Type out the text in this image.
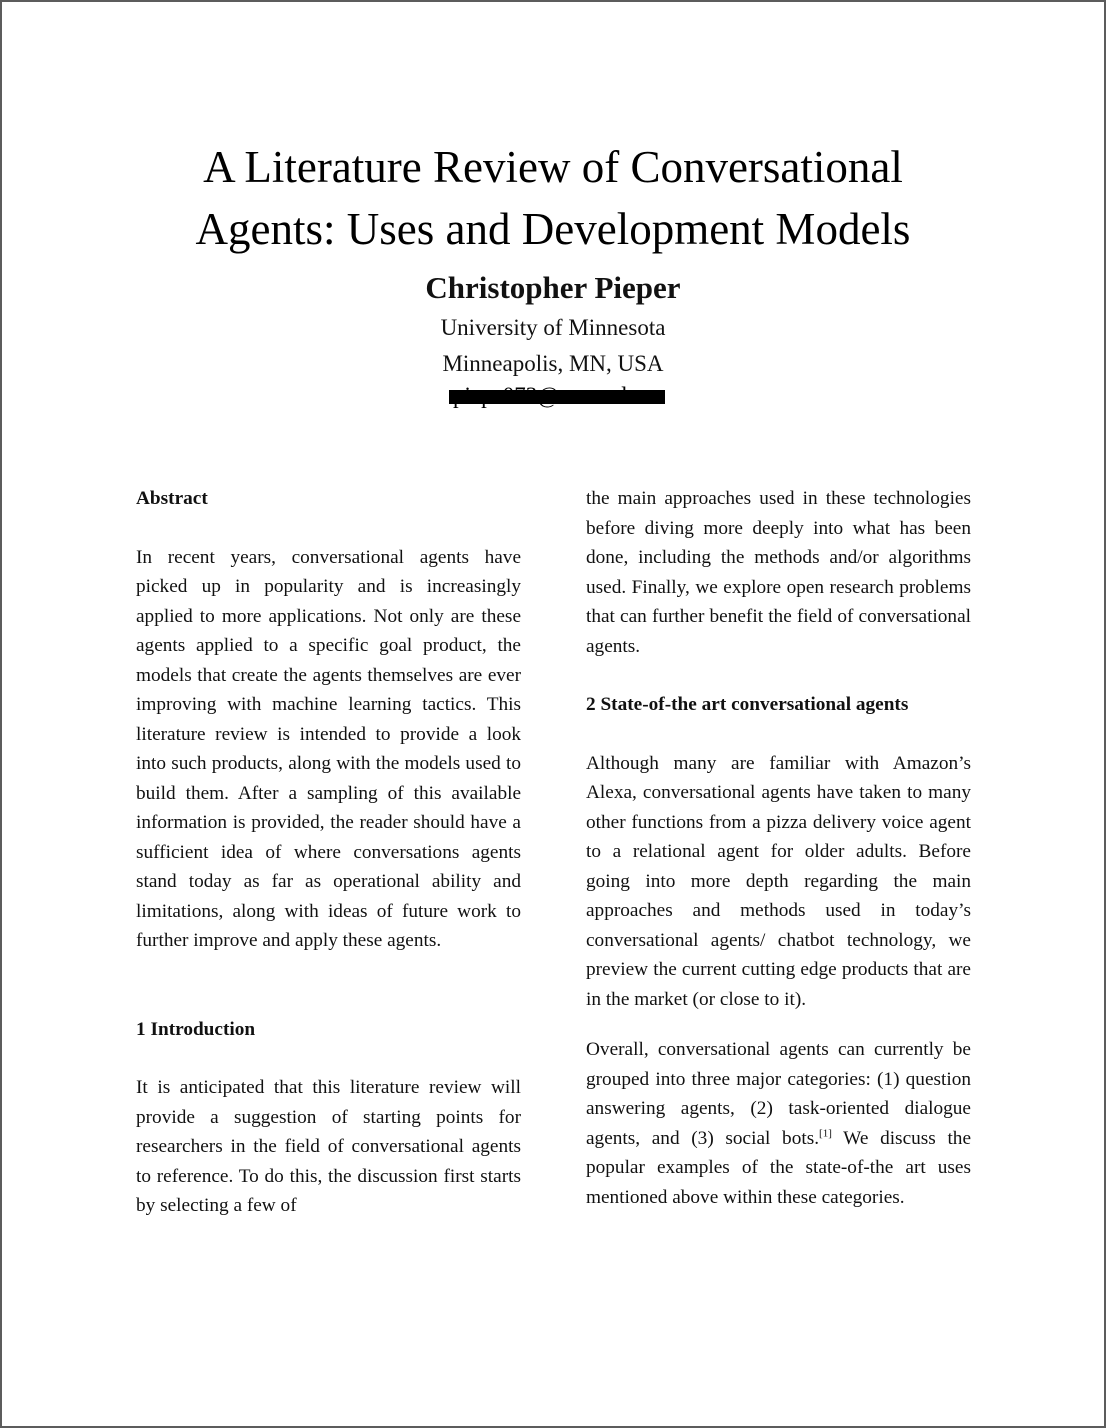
A Literature Review of Conversational
Agents: Uses and Development Models
Christopher Pieper
University of Minnesota
Minneapolis, MN, USA

Abstract

In recent years, conversational agents have picked up in popularity and is increasingly applied to more applications. Not only are these agents applied to a specific goal product, the models that create the agents themselves are ever improving with machine learning tactics. This literature review is intended to provide a look into such products, along with the models used to build them. After a sampling of this available information is provided, the reader should have a sufficient idea of where conversations agents stand today as far as operational ability and limitations, along with ideas of future work to further improve and apply these agents.

1 Introduction

It is anticipated that this literature review will provide a suggestion of starting points for researchers in the field of conversational agents to reference. To do this, the discussion first starts by selecting a few of

the main approaches used in these technologies before diving more deeply into what has been done, including the methods and/or algorithms used. Finally, we explore open research problems that can further benefit the field of conversational agents.

2 State-of-the art conversational agents

Although many are familiar with Amazon’s Alexa, conversational agents have taken to many other functions from a pizza delivery voice agent to a relational agent for older adults. Before going into more depth regarding the main approaches and methods used in today’s conversational agents/ chatbot technology, we preview the current cutting edge products that are in the market (or close to it).

Overall, conversational agents can currently be grouped into three major categories: (1) question answering agents, (2) task-oriented dialogue agents, and (3) social bots.[1] We discuss the popular examples of the state-of-the art uses mentioned above within these categories.
